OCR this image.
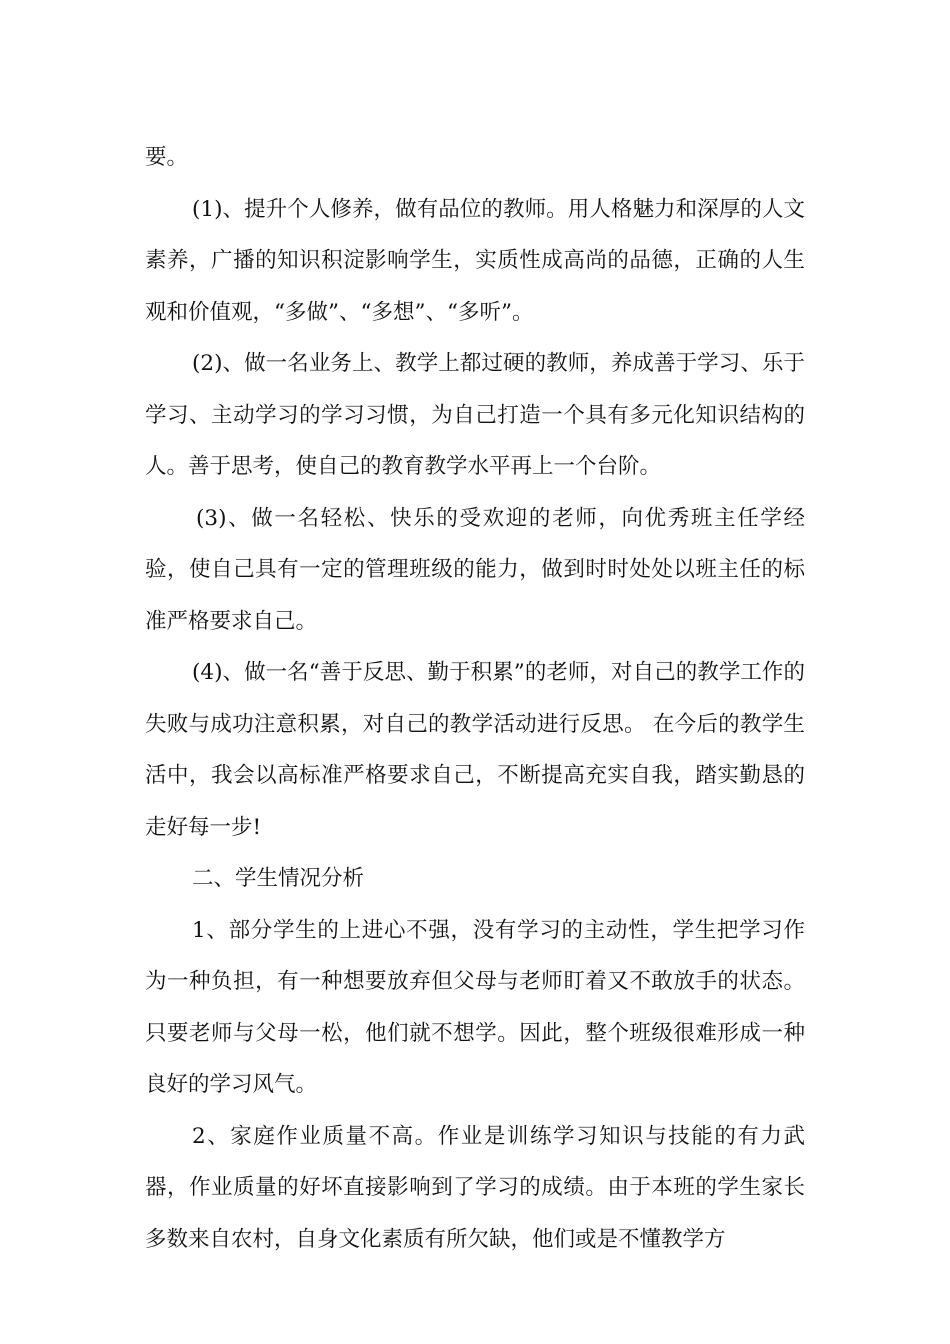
要。

(1)、提升个人修养，做有品位的教师。用人格魅力和深厚的人文素养，广播的知识积淀影响学生，实质性成高尚的品德，正确的人生观和价值观，“多做”、“多想”、“多听”。

(2)、做一名业务上、教学上都过硬的教师，养成善于学习、乐于学习、主动学习的学习习惯，为自己打造一个具有多元化知识结构的人。善于思考，使自己的教育教学水平再上一个台阶。

(3)、做一名轻松、快乐的受欢迎的老师，向优秀班主任学经验，使自己具有一定的管理班级的能力，做到时时处处以班主任的标准严格要求自己。

(4)、做一名“善于反思、勤于积累”的老师，对自己的教学工作的失败与成功注意积累，对自己的教学活动进行反思。 在今后的教学生活中，我会以高标准严格要求自己，不断提高充实自我，踏实勤恳的走好每一步!

二、学生情况分析

1、部分学生的上进心不强，没有学习的主动性，学生把学习作为一种负担，有一种想要放弃但父母与老师盯着又不敢放手的状态。只要老师与父母一松，他们就不想学。因此，整个班级很难形成一种良好的学习风气。

2、家庭作业质量不高。作业是训练学习知识与技能的有力武器，作业质量的好坏直接影响到了学习的成绩。由于本班的学生家长多数来自农村，自身文化素质有所欠缺，他们或是不懂教学方
